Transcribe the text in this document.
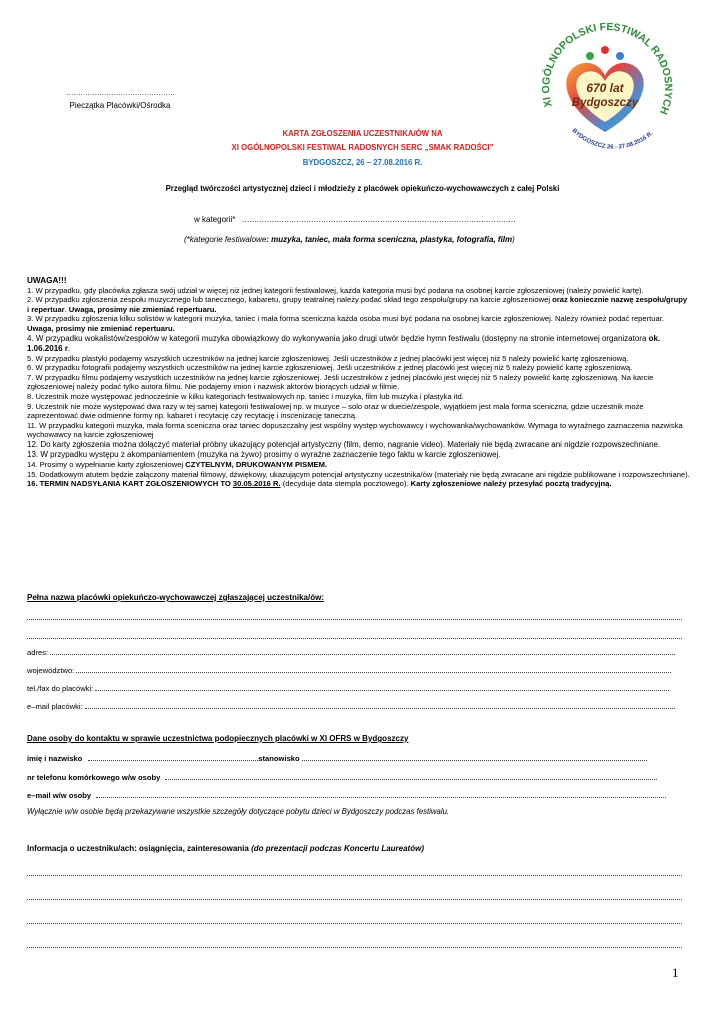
……………………………………….
Pieczątka Placówki/Ośrodka
670 lat
Bydgoszczy
XI OGÓLNOPOLSKI FESTIWAL RADOSNYCH
BYDGOSZCZ 26 - 27.08.2016 R.
KARTA ZGŁOSZENIA UCZESTNIKA/ÓW NA
XI OGÓLNOPOLSKI FESTIWAL RADOSNYCH SERC „SMAK RADOŚCI”
BYDGOSZCZ, 26 – 27.08.2016 R.
Przegląd twórczości artystycznej dzieci i młodzieży z placówek opiekuńczo-wychowawczych z całej Polski
w kategorii* …………………………………………………………………………………………………
(*kategorie festiwalowe: muzyka, taniec, mała forma sceniczna, plastyka, fotografia, film)
UWAGA!!!
1. W przypadku, gdy placówka zgłasza swój udział w więcej niż jednej kategorii festiwalowej, każda kategoria musi być podana na osobnej karcie zgłoszeniowej (należy powielić kartę).
2. W przypadku zgłoszenia zespołu muzycznego lub tanecznego, kabaretu, grupy teatralnej należy podać skład tego zespołu/grupy na karcie zgłoszeniowej oraz koniecznie nazwę zespołu/grupy i repertuar. Uwaga, prosimy nie zmieniać repertuaru.
3. W przypadku zgłoszenia kilku solistów w kategorii muzyka, taniec i mała forma sceniczna każda osoba musi być podana na osobnej karcie zgłoszeniowej. Należy również podać repertuar. Uwaga, prosimy nie zmieniać repertuaru.
4. W przypadku wokalistów/zespołów w kategorii muzyka obowiązkowy do wykonywania jako drugi utwór będzie hymn festiwalu (dostępny na stronie internetowej organizatora ok. 1.06.2016 r.
5. W przypadku plastyki podajemy wszystkich uczestników na jednej karcie zgłoszeniowej. Jeśli uczestników z jednej placówki jest więcej niż 5 należy powielić kartę zgłoszeniową.
6. W przypadku fotografii podajemy wszystkich uczestników na jednej karcie zgłoszeniowej. Jeśli uczestników z jednej placówki jest więcej niż 5 należy powielić kartę zgłoszeniową.
7. W przypadku filmu podajemy wszystkich uczestników na jednej karcie zgłoszeniowej. Jeśli uczestników z jednej placówki jest więcej niż 5 należy powielić kartę zgłoszeniową. Na karcie zgłoszeniowej należy podać tylko autora filmu. Nie podajemy imion i nazwisk aktorów biorących udział w filmie.
8. Uczestnik może występować jednocześnie w kilku kategoriach festiwalowych np. taniec i muzyka, film lub muzyka i plastyka itd.
9. Uczestnik nie może występować dwa razy w tej samej kategorii festiwalowej np. w muzyce – solo oraz w duecie/zespole, wyjątkiem jest mała forma sceniczna, gdzie uczestnik może zaprezentować dwie odmienne formy np. kabaret i recytację czy recytację i inscenizację taneczną.
11. W przypadku kategorii muzyka, mała forma sceniczna oraz taniec dopuszczalny jest wspólny występ wychowawcy i wychowanka/wychowanków. Wymaga to wyraźnego zaznaczenia nazwiska wychowawcy na karcie zgłoszeniowej
12. Do karty zgłoszenia można dołączyć materiał próbny ukazujący potencjał artystyczny (film, demo, nagranie video). Materiały nie będą zwracane ani nigdzie rozpowszechniane.
13. W przypadku występu z akompaniamentem (muzyka na żywo) prosimy o wyraźne zaznaczenie tego faktu w karcie zgłoszeniowej.
14. Prosimy o wypełnianie karty zgłoszeniowej CZYTELNYM, DRUKOWANYM PISMEM.
15. Dodatkowym atutem będzie załączony materiał filmowy, dźwiękowy, ukazującym potencjał artystyczny uczestnika/ów (materiały nie będą zwracane ani nigdzie publikowane i rozpowszechniane).
16. TERMIN NADSYŁANIA KART ZGŁOSZENIOWYCH TO 30.05.2016 R. (decyduje data stempla pocztowego). Karty zgłoszeniowe należy przesyłać pocztą tradycyjną.
Pełna nazwa placówki opiekuńczo-wychowawczej zgłaszającej uczestnika/ów:
adres:
województwo:
tel./fax do placówki:
e–mail placówki:
Dane osoby do kontaktu w sprawie uczestnictwa podopiecznych placówki w XI OFRS w Bydgoszczy
imię i nazwisko	stanowisko
nr telefonu komórkowego w/w osoby
e–mail w/w osoby
Wyłącznie w/w osobie będą przekazywane wszystkie szczegóły dotyczące pobytu dzieci w Bydgoszczy podczas festiwalu.
Informacja o uczestniku/ach: osiągnięcia, zainteresowania (do prezentacji podczas Koncertu Laureatów)
1
